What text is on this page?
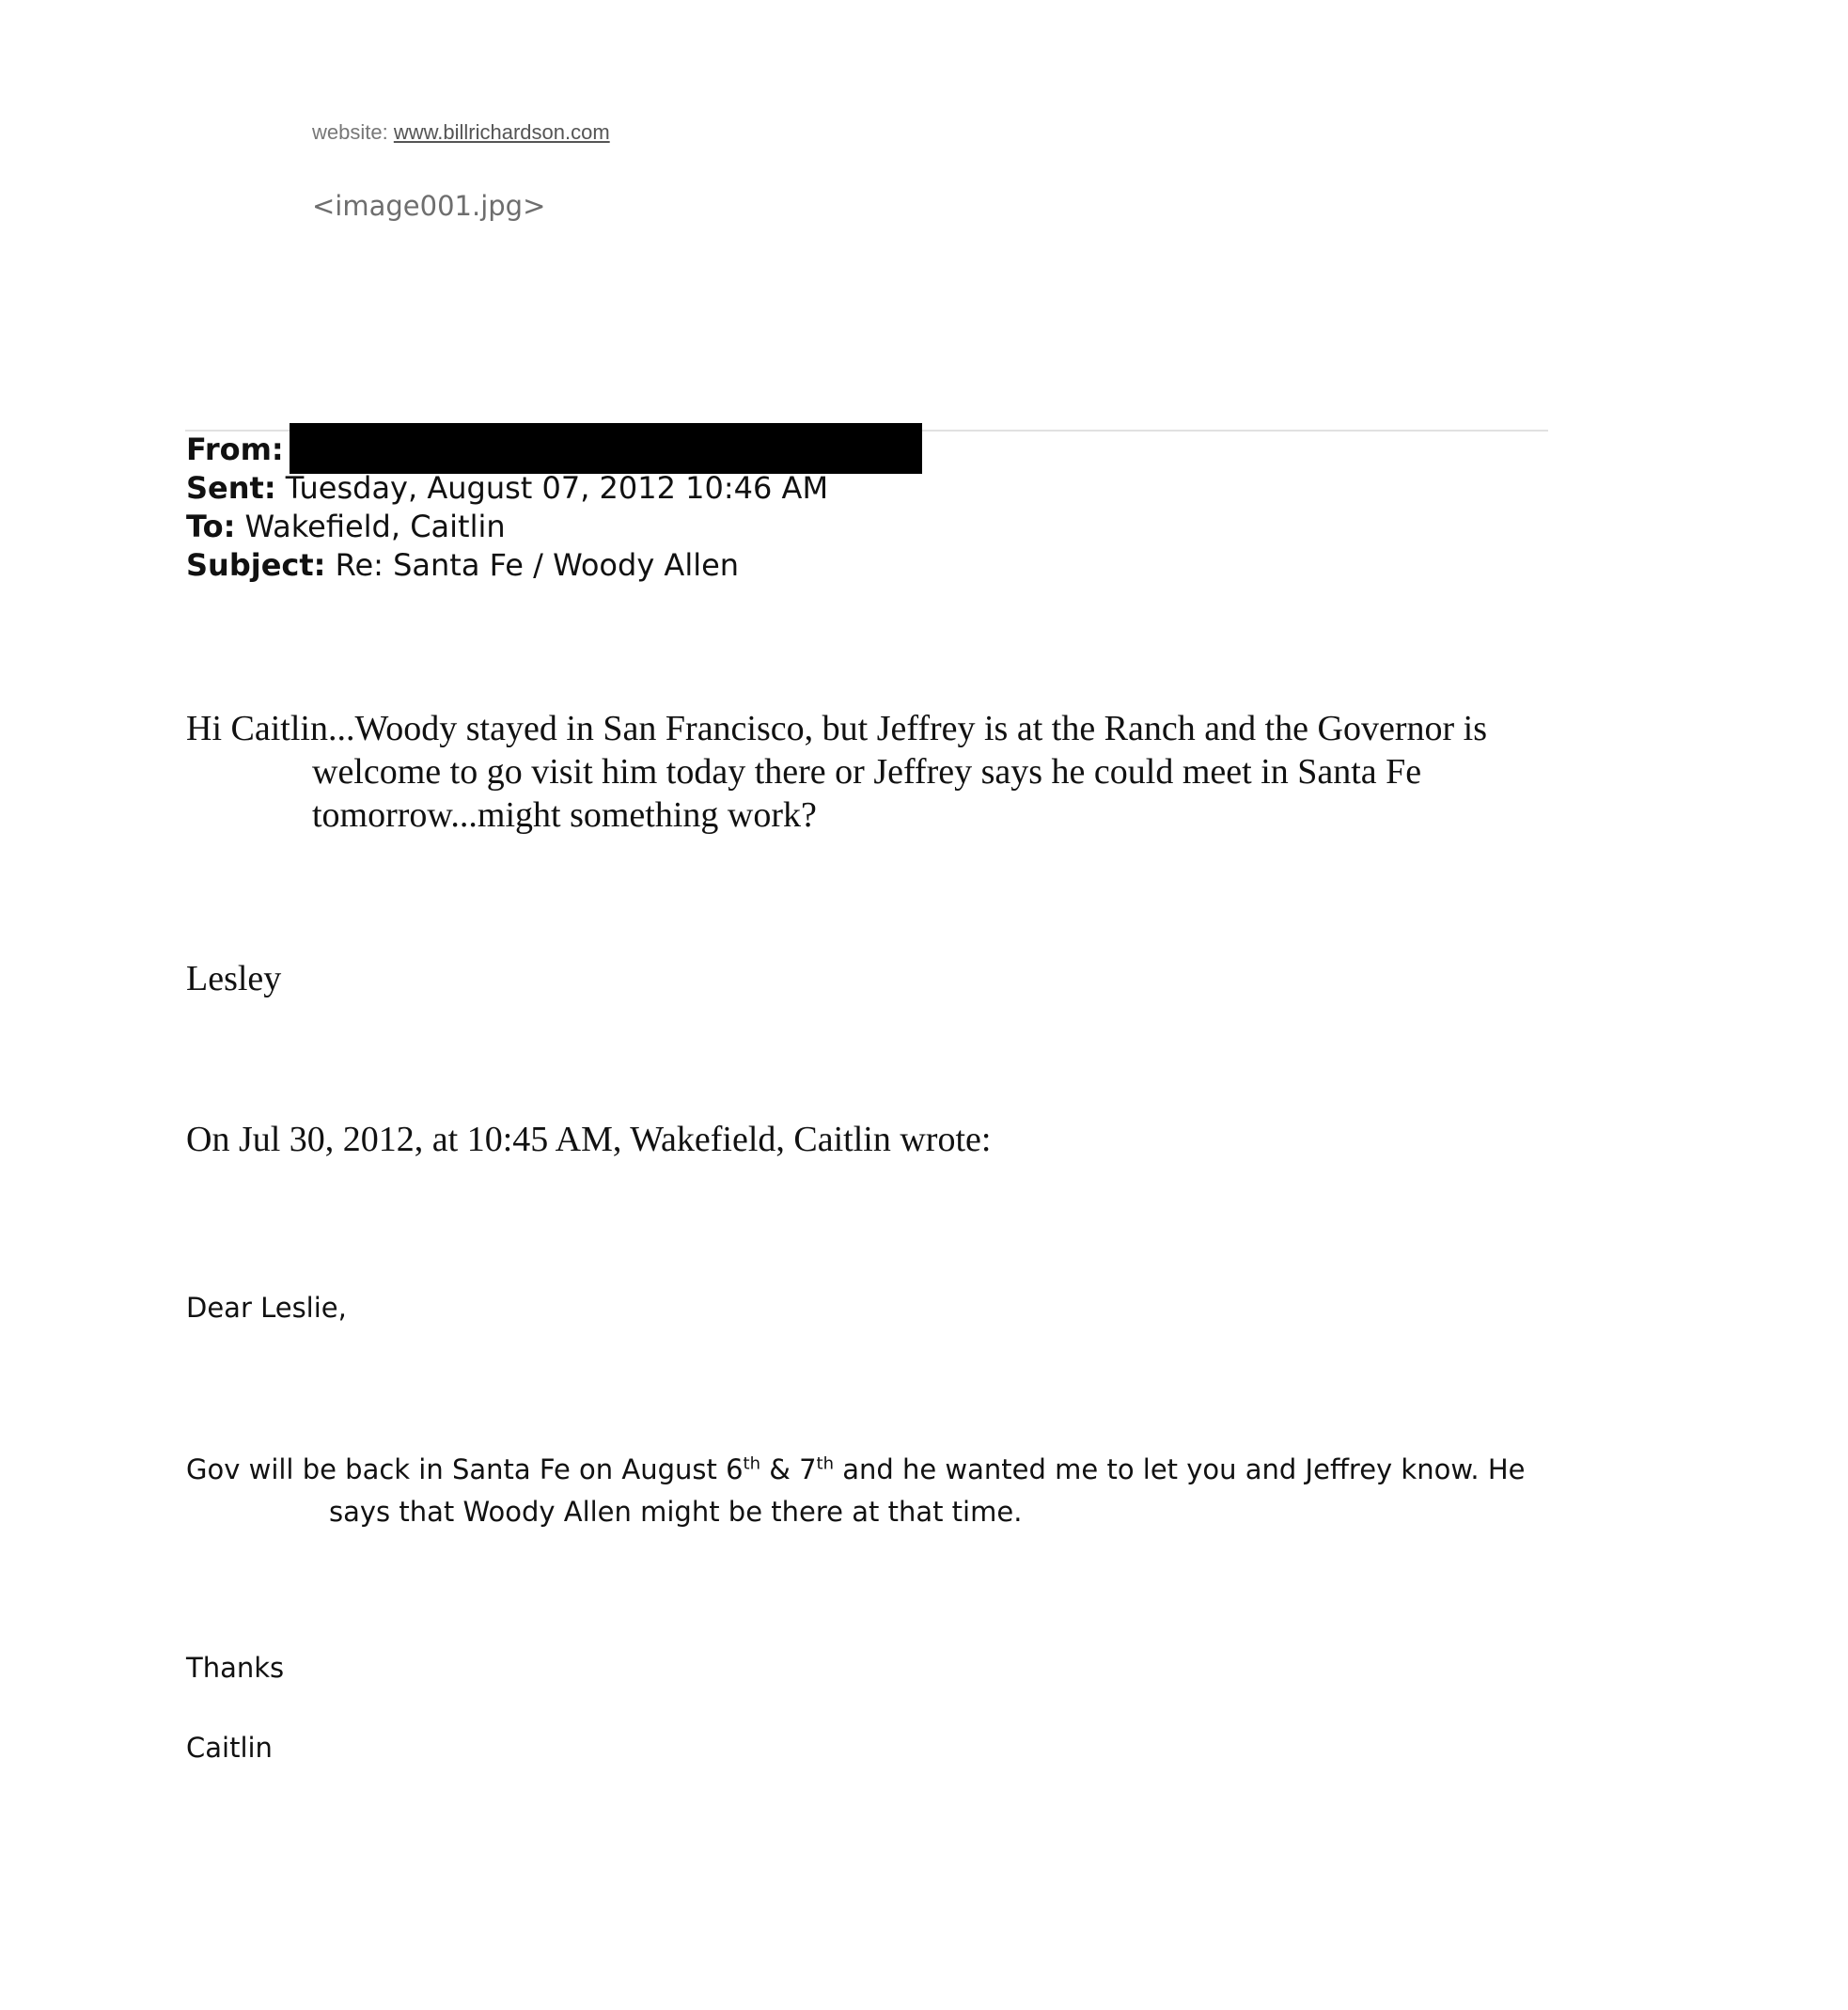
website: www.billrichardson.com
<image001.jpg>
From:
Sent: Tuesday, August 07, 2012 10:46 AM
To: Wakefield, Caitlin
Subject: Re: Santa Fe / Woody Allen
Hi Caitlin...Woody stayed in San Francisco, but Jeffrey is at the Ranch and the Governor is welcome to go visit him today there or Jeffrey says he could meet in Santa Fe tomorrow...might something work?
Lesley
On Jul 30, 2012, at 10:45 AM, Wakefield, Caitlin wrote:
Dear Leslie,
Gov will be back in Santa Fe on August 6th & 7th and he wanted me to let you and Jeffrey know. He says that Woody Allen might be there at that time.
Thanks
Caitlin
